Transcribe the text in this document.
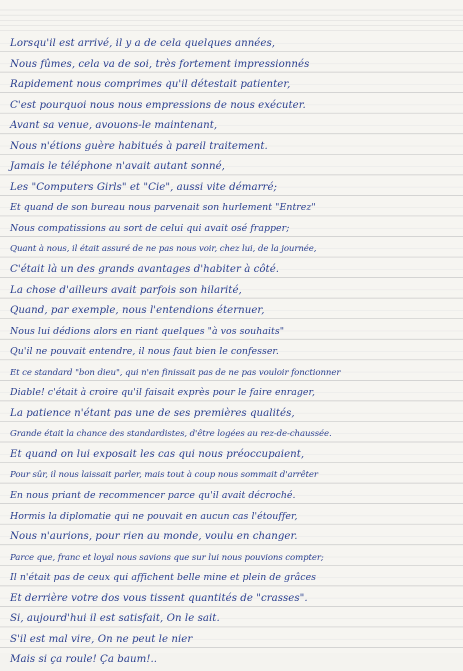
Lorsqu'il est arrivé, il y a de cela quelques années,
Nous fûmes, cela va de soi, très fortement impressionnés
Rapidement nous comprimes qu'il détestait patienter,
C'est pourquoi nous nous empressions de nous exécuter.
Avant sa venue, avouons-le maintenant,
Nous n'étions guère habitués à pareil traitement.
Jamais le téléphone n'avait autant sonné,
Les "Computers Girls" et "Cie", aussi vite démarré;
Et quand de son bureau nous parvenait son hurlement "Entrez"
Nous compatissions au sort de celui qui avait osé frapper;
Quant à nous, il était assuré de ne pas nous voir, chez lui, de la journée,
C'était là un des grands avantages d'habiter à côté.
La chose d'ailleurs avait parfois son hilarité,
Quand, par exemple, nous l'entendions éternuer,
Nous lui dédions alors en riant quelques "à vos souhaits"
Qu'il ne pouvait entendre, il nous faut bien le confesser.
Et ce standard "bon dieu", qui n'en finissait pas de ne pas vouloir fonctionner
Diable! c'était à croire qu'il faisait exprès pour le faire enrager,
La patience n'étant pas une de ses premières qualités,
Grande était la chance des standardistes, d'être logées au rez-de-chaussée.
Et quand on lui exposait les cas qui nous préoccupaient,
Pour sûr, il nous laissait parler, mais tout à coup nous sommait d'arrêter
En nous priant de recommencer parce qu'il avait décroché.
Hormis la diplomatie qui ne pouvait en aucun cas l'étouffer,
Nous n'aurions, pour rien au monde, voulu en changer.
Parce que, franc et loyal nous savions que sur lui nous pouvions compter;
Il n'était pas de ceux qui affichent belle mine et plein de grâces
Et derrière votre dos vous tissent quantités de "crasses".
Si, aujourd'hui il est satisfait, On le sait.
S'il est mal vire, On ne peut le nier
Mais si ça roule! Ça baum!..
